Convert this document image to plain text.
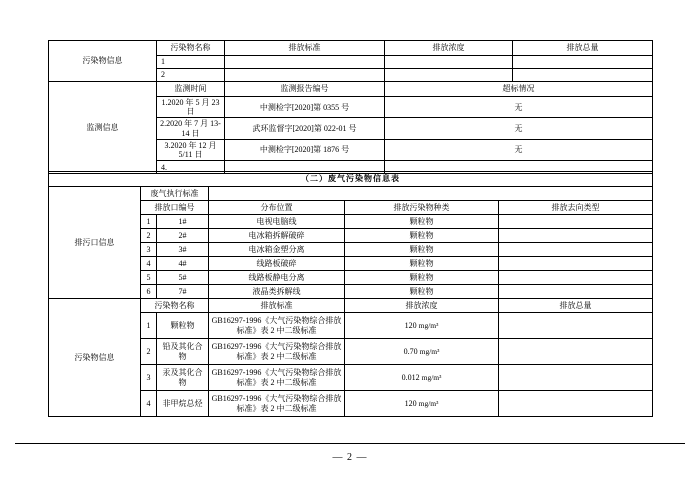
污染物信息	污染物名称	排放标准	排放浓度	排放总量
	1			
	2			
监测信息	监测时间	监测报告编号	超标情况	
	1.2020 年 5 月 23 日	中测检字[2020]第 0355 号	无	
	2.2020 年 7 月 13-14 日	武环监督字[2020]第 022-01 号	无	
	3.2020 年 12 月 5/11 日	中测检字[2020]第 1876 号	无	
	4.			
（二）废气污染物信息表					
排污口信息	废气执行标准				
	排放口编号		分布位置	排放污染物种类	排放去向类型
	1	1#	电视电脑线	颗粒物	
	2	2#	电冰箱拆解破碎	颗粒物	
	3	3#	电冰箱金塑分离	颗粒物	
	4	4#	线路板破碎	颗粒物	
	5	5#	线路板静电分离	颗粒物	
	6	7#	液晶类拆解线	颗粒物	
污染物信息	污染物名称		排放标准	排放浓度	排放总量
	1	颗粒物	GB16297-1996《大气污染物综合排放标准》表 2 中二级标准	120 mg/m³	
	2	铅及其化合物	GB16297-1996《大气污染物综合排放标准》表 2 中二级标准	0.70 mg/m³	
	3	汞及其化合物	GB16297-1996《大气污染物综合排放标准》表 2 中二级标准	0.012 mg/m³	
	4	非甲烷总烃	GB16297-1996《大气污染物综合排放标准》表 2 中二级标准	120 mg/m³	
— 2 —
